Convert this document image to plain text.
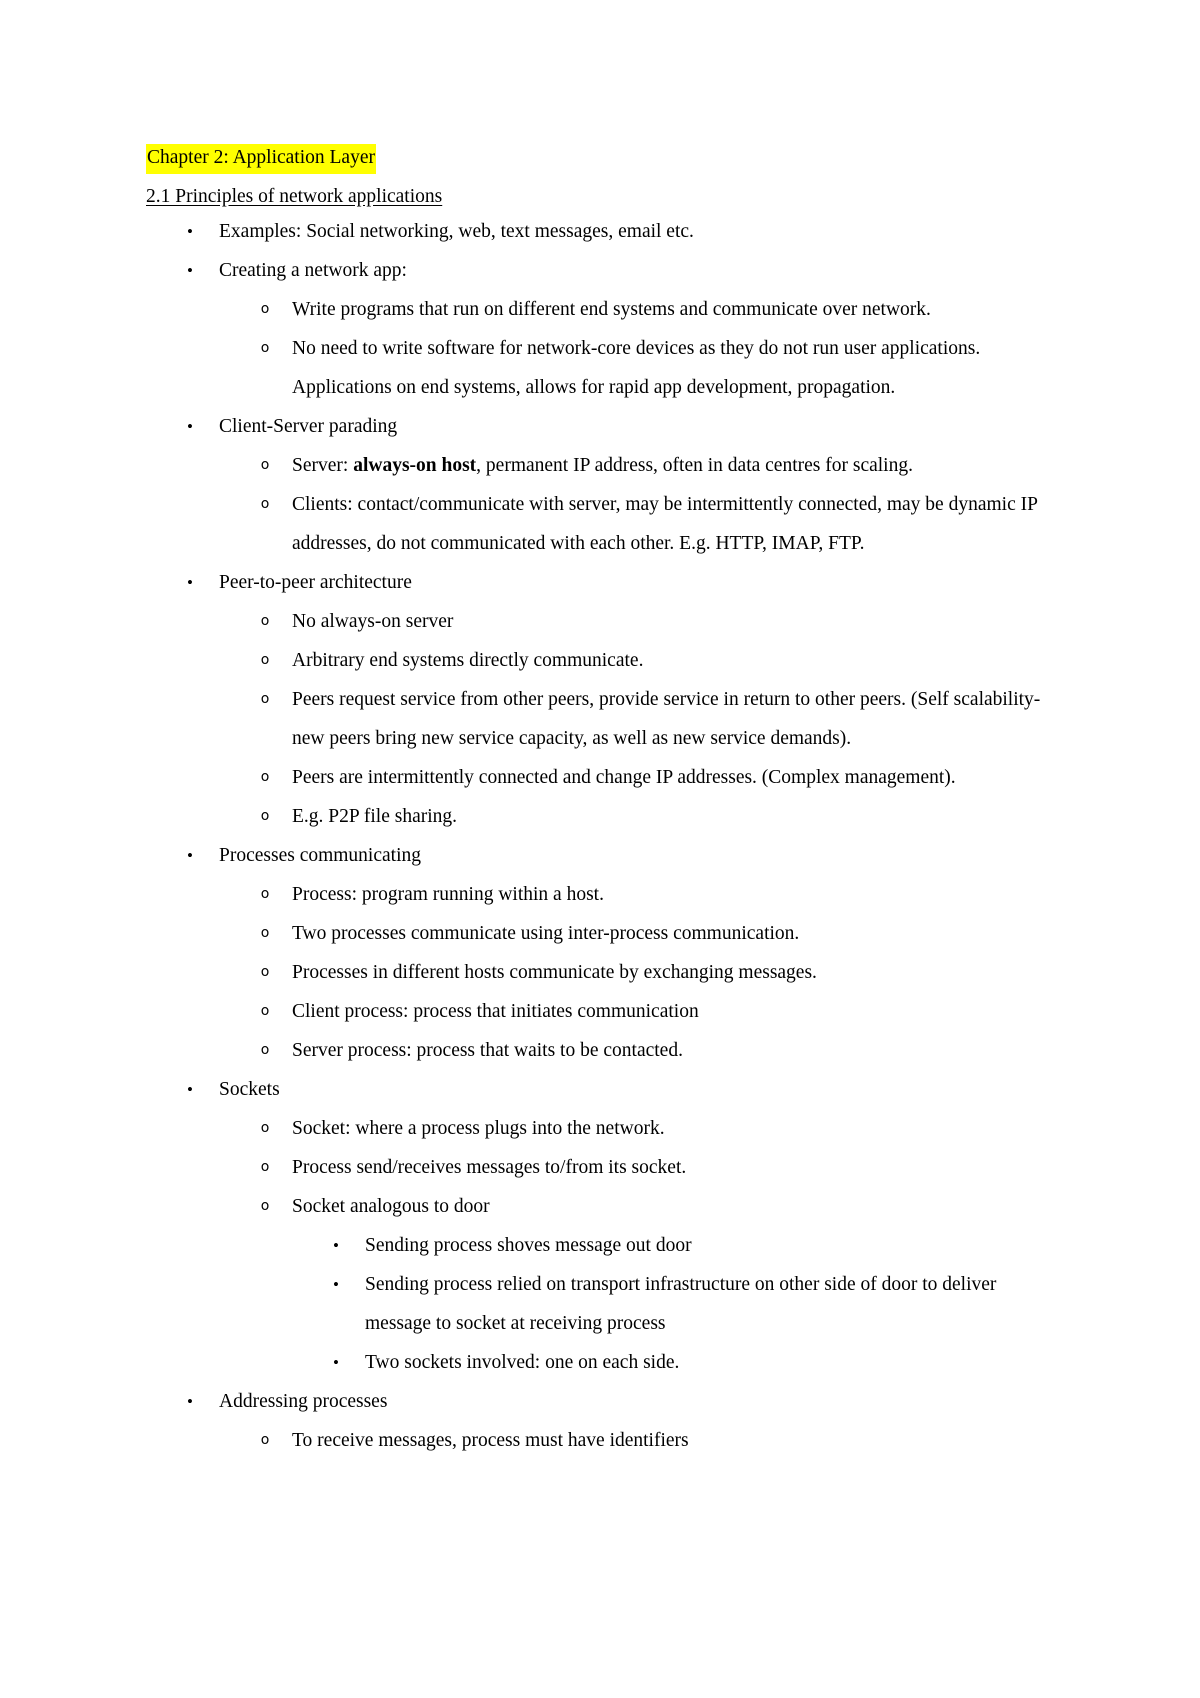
Chapter 2: Application Layer
2.1 Principles of network applications
•	Examples: Social networking, web, text messages, email etc.
•	Creating a network app:
o Write programs that run on different end systems and communicate over network.
o No need to write software for network-core devices as they do not run user applications. Applications on end systems, allows for rapid app development, propagation.
•	Client-Server parading
o Server: always-on host, permanent IP address, often in data centres for scaling.
o Clients: contact/communicate with server, may be intermittently connected, may be dynamic IP addresses, do not communicated with each other. E.g. HTTP, IMAP, FTP.
•	Peer-to-peer architecture
o No always-on server
o Arbitrary end systems directly communicate.
o Peers request service from other peers, provide service in return to other peers. (Self scalability- new peers bring new service capacity, as well as new service demands).
o Peers are intermittently connected and change IP addresses. (Complex management).
o E.g. P2P file sharing.
•	Processes communicating
o Process: program running within a host.
o Two processes communicate using inter-process communication.
o Processes in different hosts communicate by exchanging messages.
o Client process: process that initiates communication
o Server process: process that waits to be contacted.
•	Sockets
o Socket: where a process plugs into the network.
o Process send/receives messages to/from its socket.
o Socket analogous to door
•	Sending process shoves message out door
•	Sending process relied on transport infrastructure on other side of door to deliver message to socket at receiving process
•	Two sockets involved: one on each side.
•	Addressing processes
o To receive messages, process must have identifiers
